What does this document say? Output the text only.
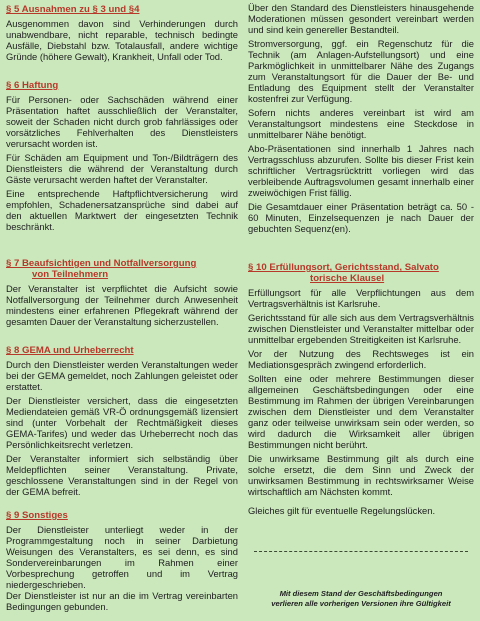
§ 5 Ausnahmen zu § 3 und §4

Ausgenommen davon sind Verhinderungen durch unabwendbare, nicht reparable, technisch bedingte Ausfälle, Diebstahl bzw. Totalausfall, andere wichtige Gründe (höhere Gewalt), Krankheit, Unfall oder Tod.

§ 6 Haftung

Für Personen- oder Sachschäden während einer Präsentation haftet ausschließlich der Veranstalter, soweit der Schaden nicht durch grob fahrlässiges oder vorsätzliches Fehlverhalten des Dienstleisters verursacht worden ist.

Für Schäden am Equipment und Ton-/Bildträgern des Dienstleisters die während der Veranstaltung durch Gäste verursacht werden haftet der Veranstalter.

Eine entsprechende Haftpflichtversicherung wird empfohlen, Schadenersatzansprüche sind dabei auf den aktuellen Marktwert der eingesetzten Technik beschränkt.

§ 7 Beaufsichtigen und Notfallversorgung
von Teilnehmern

Der Veranstalter ist verpflichtet die Aufsicht sowie Notfallversorgung der Teilnehmer durch Anwesenheit mindestens einer erfahrenen Pflegekraft während der gesamten Dauer der Veranstaltung sicherzustellen.

§ 8 GEMA und Urheberrecht

Durch den Dienstleister werden Veranstaltungen weder bei der GEMA gemeldet, noch Zahlungen geleistet oder erstattet.

Der Dienstleister versichert, dass die eingesetzten Mediendateien gemäß VR-Ö ordnungsgemäß lizensiert sind (unter Vorbehalt der Rechtmäßigkeit dieses GEMA-Tarifes) und weder das Urheberrecht noch das Persönlichkeitsrecht verletzen.

Der Veranstalter informiert sich selbständig über Meldepflichten seiner Veranstaltung. Private, geschlossene Veranstaltungen sind in der Regel von der GEMA befreit.

§ 9 Sonstiges

Der Dienstleister unterliegt weder in der Programmgestaltung noch in seiner Darbietung Weisungen des Veranstalters, es sei denn, es sind Sondervereinbarungen im Rahmen einer Vorbesprechung getroffen und im Vertrag niedergeschrieben.

Der Dienstleister ist nur an die im Vertrag vereinbarten Bedingungen gebunden.

Über den Standard des Dienstleisters hinausgehende Moderationen müssen gesondert vereinbart werden und sind kein genereller Bestandteil.

Stromversorgung, ggf. ein Regenschutz für die Technik (am Anlagen-Aufstellungsort) und eine Parkmöglichkeit in unmittelbarer Nähe des Zugangs zum Veranstaltungsort für die Dauer der Be- und Entladung des Equipment stellt der Veranstalter kostenfrei zur Verfügung.

Sofern nichts anderes vereinbart ist wird am Veranstaltungsort mindestens eine Steckdose in unmittelbarer Nähe benötigt.

Abo-Präsentationen sind innerhalb 1 Jahres nach Vertragsschluss abzurufen. Sollte bis dieser Frist kein schriftlicher Vertragsrücktritt vorliegen wird das verbleibende Auftragsvolumen gesamt innerhalb einer zweiwöchigen Frist fällig.

Die Gesamtdauer einer Präsentation beträgt ca. 50 - 60 Minuten, Einzelsequenzen je nach Dauer der gebuchten Sequenz(en).

§ 10 Erfüllungsort, Gerichtsstand, Salvato
torische Klausel

Erfüllungsort für alle Verpflichtungen aus dem Vertragsverhältnis ist Karlsruhe.

Gerichtsstand für alle sich aus dem Vertragsverhältnis zwischen Dienstleister und Veranstalter mittelbar oder unmittelbar ergebenden Streitigkeiten ist Karlsruhe.

Vor der Nutzung des Rechtsweges ist ein Mediationsgespräch zwingend erforderlich.

Sollten eine oder mehrere Bestimmungen dieser allgemeinen Geschäftsbedingungen oder eine Bestimmung im Rahmen der übrigen Vereinbarungen zwischen dem Dienstleister und dem Veranstalter ganz oder teilweise unwirksam sein oder werden, so wird dadurch die Wirksamkeit aller übrigen Bestimmungen nicht berührt.

Die unwirksame Bestimmung gilt als durch eine solche ersetzt, die dem Sinn und Zweck der unwirksamen Bestimmung in rechtswirksamer Weise wirtschaftlich am Nächsten kommt.

Gleiches gilt für eventuelle Regelungslücken.

Mit diesem Stand der Geschäftsbedingungen
verlieren alle vorherigen Versionen ihre Gültigkeit
